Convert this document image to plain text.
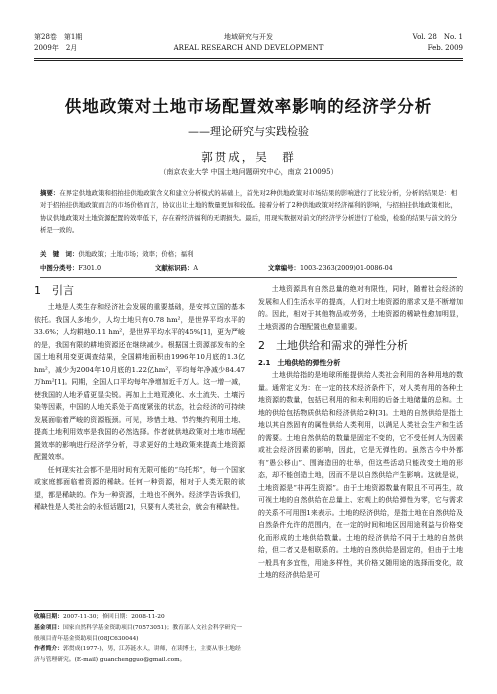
第28卷　第1期
2009年　2月
地域研究与开发
AREAL RESEARCH AND DEVELOPMENT
Vol. 28　No. 1
Feb. 2009
供地政策对土地市场配置效率影响的经济学分析
——理论研究与实践检验
郭贯成，吴　群
（南京农业大学 中国土地问题研究中心，南京 210095）
摘要：在界定供地政策和招拍挂供地政策含义和建立分析模式的基础上，首先对2种供地政策对市场结果的影响进行了比较分析，分析的结果是：相对于招拍挂供地政策而言的市场价格而言，协议出让土地的数量更加和较低。接着分析了2种供地政策对经济福利的影响，与招拍挂供地政策相比，协议供地政策对土地资源配置的效率低下，存在着经济福利的无谓损失。最后，用现实数据对前文的经济学分析进行了检验，检验的结果与前文的分析是一致的。
关　键　词：供地政策；土地市场；效率；价格；福利
中图分类号：F301.0	文献标识码：A	文章编号：1003-2363(2009)01-0086-04

1　引言

土地是人类生存和经济社会发展的重要基础，是安邦立国的基本依托。我国人多地少，人均土地只有0.78 hm²，是世界平均水平的33.6%；人均耕地0.11 hm²，是世界平均水平的45%[1]，更为严峻的是，我国有限的耕地资源还在继续减少。根据国土资源部发布的全国土地利用变更调查结果，全国耕地面积由1996年10月底的1.3亿hm²，减少为2004年10月底的1.22亿hm²，平均每年净减少84.47万hm²[1]。同期，全国人口平均每年净增加近千万人。这一增一减，使我国的人地矛盾更显尖锐。再加上土地荒漠化、水土流失、土壤污染等因素，中国的人地关系处于高度紧张的状态，社会经济的可持续发展面临着严峻的资源瓶颈。可见，珍惜土地、节约集约利用土地、提高土地利用效率是我国的必然选择。作者就供地政策对土地市场配置效率的影响进行经济学分析，寻求更好的土地政策来提高土地资源配置效率。

任何现实社会都不是用时间有无限可能的“乌托邦”，每一个国家或家庭都面临着资源的稀缺。任何一种资源，相对于人类无限的欲望，都是稀缺的。作为一种资源，土地也不例外。经济学告诉我们，稀缺性是人类社会的永恒话题[2]，只要有人类社会，就会有稀缺性。

收稿日期：2007-11-30；修回日期：2008-11-20
基金项目：国家自然科学基金资助项目(70573051)；教育部人文社会科学研究一般项目青年基金资助项目(08JC630044)
作者简介：郭贯成(1977-)，男，江苏涟水人，讲师，在读博士，主要从事土地经济与管理研究。(E-mail) guanchengguo@gmail.com。

土地资源具有自然总量的绝对有限性，同时，随着社会经济的发展和人们生活水平的提高，人们对土地资源的需求又是不断增加的。因此，相对于其他物品或劳务，土地资源的稀缺性愈加明显，土地资源的合理配置也愈显重要。

2　土地供给和需求的弹性分析

2.1　土地供给的弹性分析

土地供给指的是地球所能提供给人类社会利用的各种用地的数量。通常定义为：在一定的技术经济条件下，对人类有用的各种土地资源的数量，包括已利用的和未利用的后备土地储量的总和。土地的供给包括物质供给和经济供给2种[3]。土地的自然供给是指土地以其自然固有的属性供给人类利用，以满足人类社会生产和生活的需要。土地自然供给的数量是固定不变的，它不受任何人为因素或社会经济因素的影响，因此，它是无弹性的。虽然古今中外都有“愚公移山”、围海造田的壮举，但这些活动只能改变土地的形态，却不能创造土地，因而不是以自然供给产生影响。这就是说，土地资源是“非再生资源”。由于土地资源数量有限且不可再生，故可视土地的自然供给在总量上、宏观上的供给弹性为零，它与需求的关系不可用图1来表示。土地的经济供给，是指土地在自然供给及自然条件允许的范围内，在一定的时间和地区因用途利益与价格变化而形成的土地供给数量。土地的经济供给不同于土地的自然供给，但二者又是相联系的。土地的自然供给是固定的，但由于土地一般具有多宜性，用途多样性，其价格又随用途的选择而变化，故土地的经济供给是可
